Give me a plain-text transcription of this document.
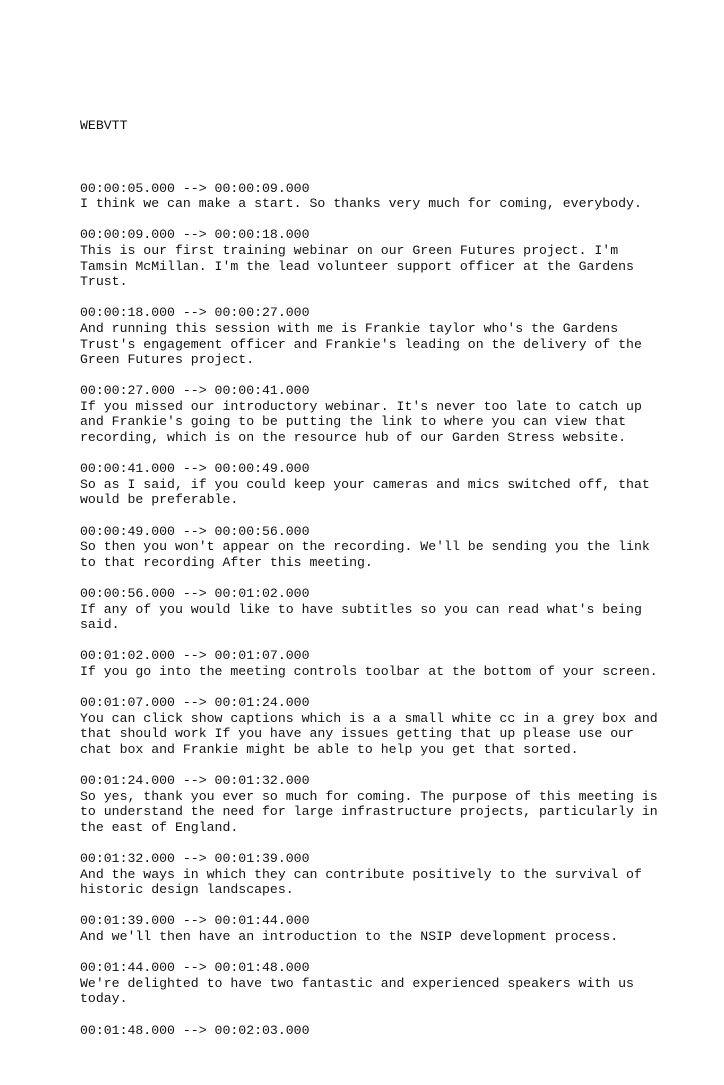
WEBVTT

00:00:05.000 --> 00:00:09.000
I think we can make a start. So thanks very much for coming, everybody.
00:00:09.000 --> 00:00:18.000
This is our first training webinar on our Green Futures project. I'm
Tamsin McMillan. I'm the lead volunteer support officer at the Gardens
Trust.
00:00:18.000 --> 00:00:27.000
And running this session with me is Frankie taylor who's the Gardens
Trust's engagement officer and Frankie's leading on the delivery of the
Green Futures project.
00:00:27.000 --> 00:00:41.000
If you missed our introductory webinar. It's never too late to catch up
and Frankie's going to be putting the link to where you can view that
recording, which is on the resource hub of our Garden Stress website.
00:00:41.000 --> 00:00:49.000
So as I said, if you could keep your cameras and mics switched off, that
would be preferable.
00:00:49.000 --> 00:00:56.000
So then you won't appear on the recording. We'll be sending you the link
to that recording After this meeting.
00:00:56.000 --> 00:01:02.000
If any of you would like to have subtitles so you can read what's being
said.
00:01:02.000 --> 00:01:07.000
If you go into the meeting controls toolbar at the bottom of your screen.
00:01:07.000 --> 00:01:24.000
You can click show captions which is a a small white cc in a grey box and
that should work If you have any issues getting that up please use our
chat box and Frankie might be able to help you get that sorted.
00:01:24.000 --> 00:01:32.000
So yes, thank you ever so much for coming. The purpose of this meeting is
to understand the need for large infrastructure projects, particularly in
the east of England.
00:01:32.000 --> 00:01:39.000
And the ways in which they can contribute positively to the survival of
historic design landscapes.
00:01:39.000 --> 00:01:44.000
And we'll then have an introduction to the NSIP development process.
00:01:44.000 --> 00:01:48.000
We're delighted to have two fantastic and experienced speakers with us
today.
00:01:48.000 --> 00:02:03.000
